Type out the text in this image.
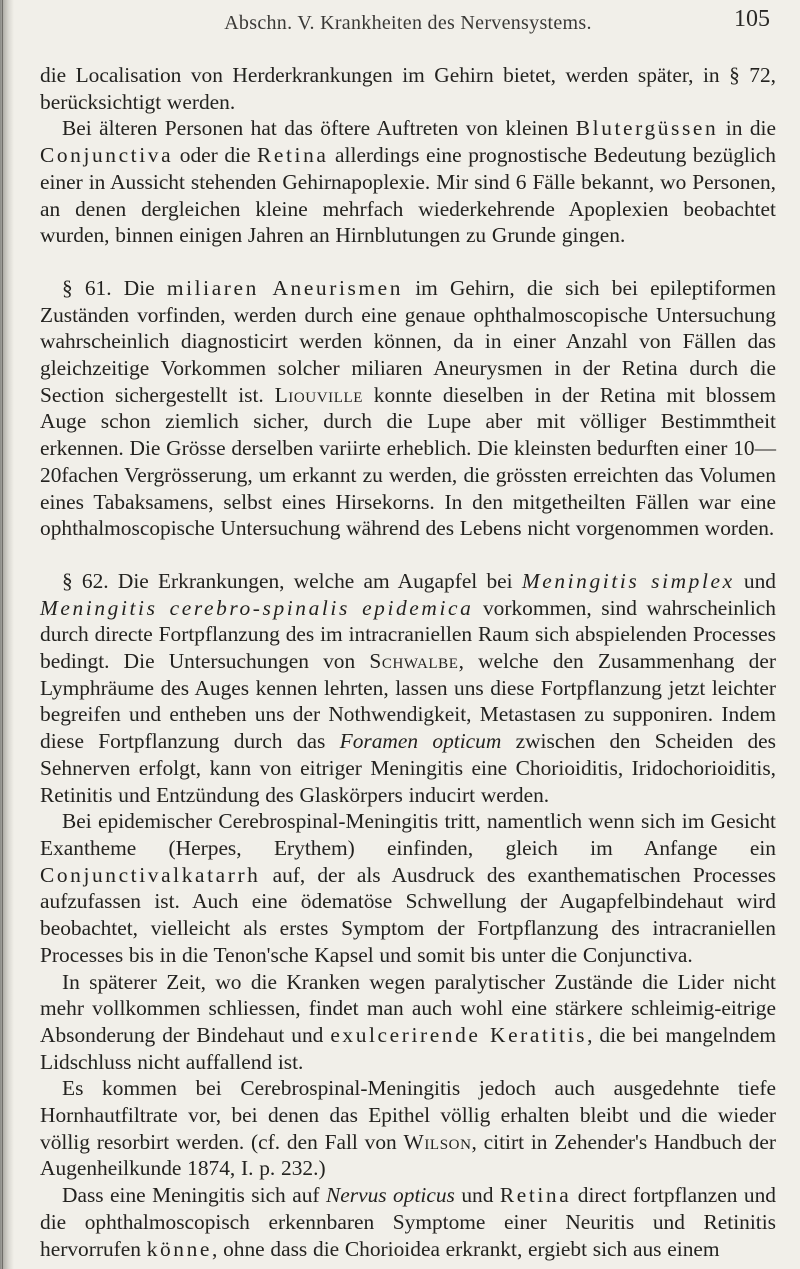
Abschn. V. Krankheiten des Nervensystems.	105

die Localisation von Herderkrankungen im Gehirn bietet, werden später, in § 72, berücksichtigt werden.

Bei älteren Personen hat das öftere Auftreten von kleinen Blutergüssen in die Conjunctiva oder die Retina allerdings eine prognostische Bedeutung bezüglich einer in Aussicht stehenden Gehirnapoplexie. Mir sind 6 Fälle bekannt, wo Personen, an denen dergleichen kleine mehrfach wiederkehrende Apoplexien beobachtet wurden, binnen einigen Jahren an Hirnblutungen zu Grunde gingen.

§ 61. Die miliaren Aneurismen im Gehirn, die sich bei epileptiformen Zuständen vorfinden, werden durch eine genaue ophthalmoscopische Untersuchung wahrscheinlich diagnosticirt werden können, da in einer Anzahl von Fällen das gleichzeitige Vorkommen solcher miliaren Aneurysmen in der Retina durch die Section sichergestellt ist. Liouville konnte dieselben in der Retina mit blossem Auge schon ziemlich sicher, durch die Lupe aber mit völliger Bestimmtheit erkennen. Die Grösse derselben variirte erheblich. Die kleinsten bedurften einer 10—20fachen Vergrösserung, um erkannt zu werden, die grössten erreichten das Volumen eines Tabaksamens, selbst eines Hirsekorns. In den mitgetheilten Fällen war eine ophthalmoscopische Untersuchung während des Lebens nicht vorgenommen worden.

§ 62. Die Erkrankungen, welche am Augapfel bei Meningitis simplex und Meningitis cerebro-spinalis epidemica vorkommen, sind wahrscheinlich durch directe Fortpflanzung des im intracraniellen Raum sich abspielenden Processes bedingt. Die Untersuchungen von Schwalbe, welche den Zusammenhang der Lymphräume des Auges kennen lehrten, lassen uns diese Fortpflanzung jetzt leichter begreifen und entheben uns der Nothwendigkeit, Metastasen zu supponiren. Indem diese Fortpflanzung durch das Foramen opticum zwischen den Scheiden des Sehnerven erfolgt, kann von eitriger Meningitis eine Chorioiditis, Iridochorioiditis, Retinitis und Entzündung des Glaskörpers inducirt werden.

Bei epidemischer Cerebrospinal-Meningitis tritt, namentlich wenn sich im Gesicht Exantheme (Herpes, Erythem) einfinden, gleich im Anfange ein Conjunctivalkatarrh auf, der als Ausdruck des exanthematischen Processes aufzufassen ist. Auch eine ödematöse Schwellung der Augapfelbindehaut wird beobachtet, vielleicht als erstes Symptom der Fortpflanzung des intracraniellen Processes bis in die Tenon'sche Kapsel und somit bis unter die Conjunctiva.

In späterer Zeit, wo die Kranken wegen paralytischer Zustände die Lider nicht mehr vollkommen schliessen, findet man auch wohl eine stärkere schleimig-eitrige Absonderung der Bindehaut und exulcerirende Keratitis, die bei mangelndem Lidschluss nicht auffallend ist.

Es kommen bei Cerebrospinal-Meningitis jedoch auch ausgedehnte tiefe Hornhautfiltrate vor, bei denen das Epithel völlig erhalten bleibt und die wieder völlig resorbirt werden. (cf. den Fall von Wilson, citirt in Zehender's Handbuch der Augenheilkunde 1874, I. p. 232.)

Dass eine Meningitis sich auf Nervus opticus und Retina direct fortpflanzen und die ophthalmoscopisch erkennbaren Symptome einer Neuritis und Retinitis hervorrufen könne, ohne dass die Chorioidea erkrankt, ergiebt sich aus einem
